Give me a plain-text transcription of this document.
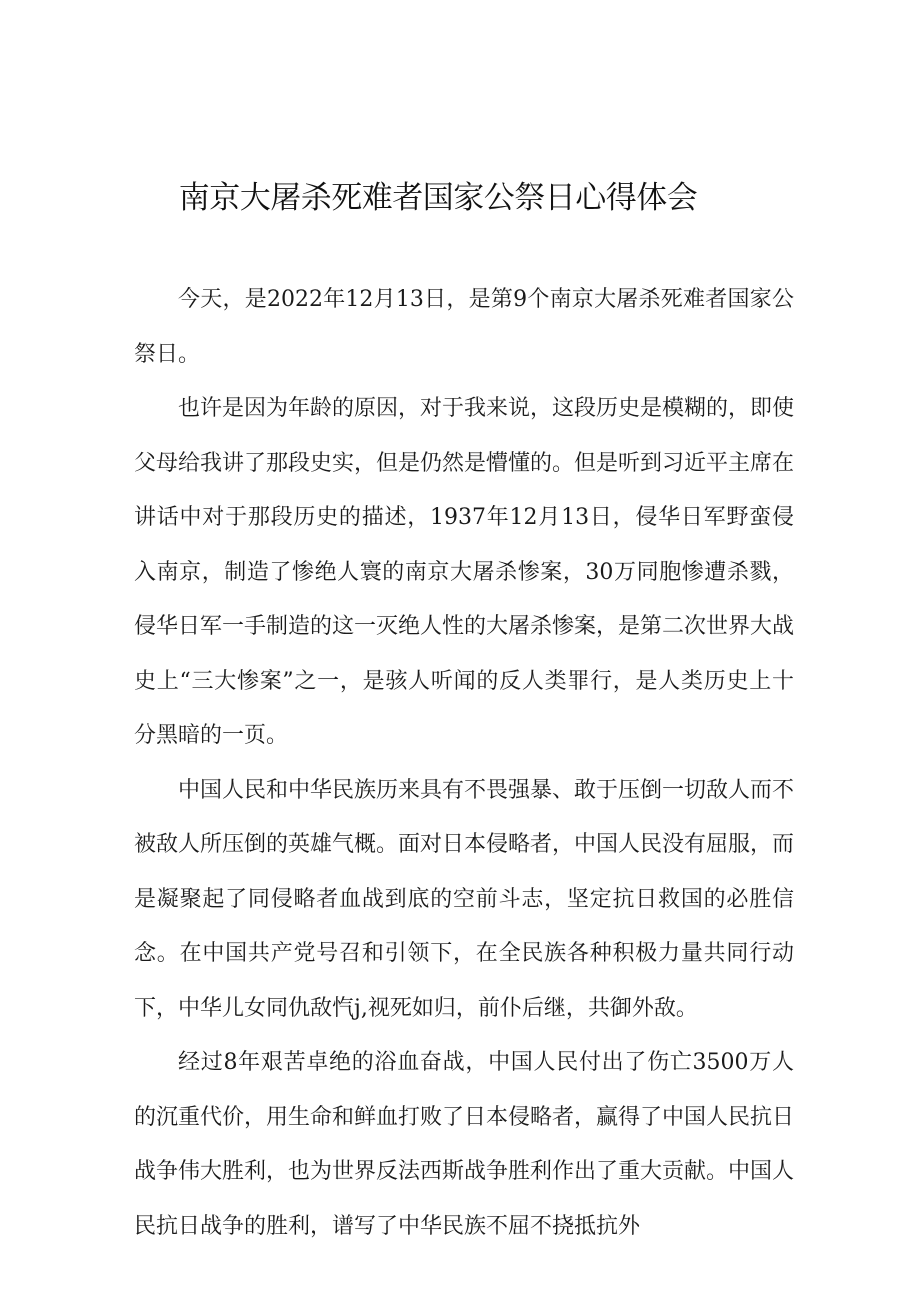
南京大屠杀死难者国家公祭日心得体会

今天，是2022年12月13日，是第9个南京大屠杀死难者国家公祭日。

也许是因为年龄的原因，对于我来说，这段历史是模糊的，即使父母给我讲了那段史实，但是仍然是懵懂的。但是听到习近平主席在讲话中对于那段历史的描述，1937年12月13日，侵华日军野蛮侵入南京，制造了惨绝人寰的南京大屠杀惨案，30万同胞惨遭杀戮，侵华日军一手制造的这一灭绝人性的大屠杀惨案，是第二次世界大战史上“三大惨案”之一，是骇人听闻的反人类罪行，是人类历史上十分黑暗的一页。

中国人民和中华民族历来具有不畏强暴、敢于压倒一切敌人而不被敌人所压倒的英雄气概。面对日本侵略者，中国人民没有屈服，而是凝聚起了同侵略者血战到底的空前斗志，坚定抗日救国的必胜信念。在中国共产党号召和引领下，在全民族各种积极力量共同行动下，中华儿女同仇敌忾j,视死如归，前仆后继，共御外敌。

经过8年艰苦卓绝的浴血奋战，中国人民付出了伤亡3500万人的沉重代价，用生命和鲜血打败了日本侵略者，赢得了中国人民抗日战争伟大胜利，也为世界反法西斯战争胜利作出了重大贡献。中国人民抗日战争的胜利，谱写了中华民族不屈不挠抵抗外
